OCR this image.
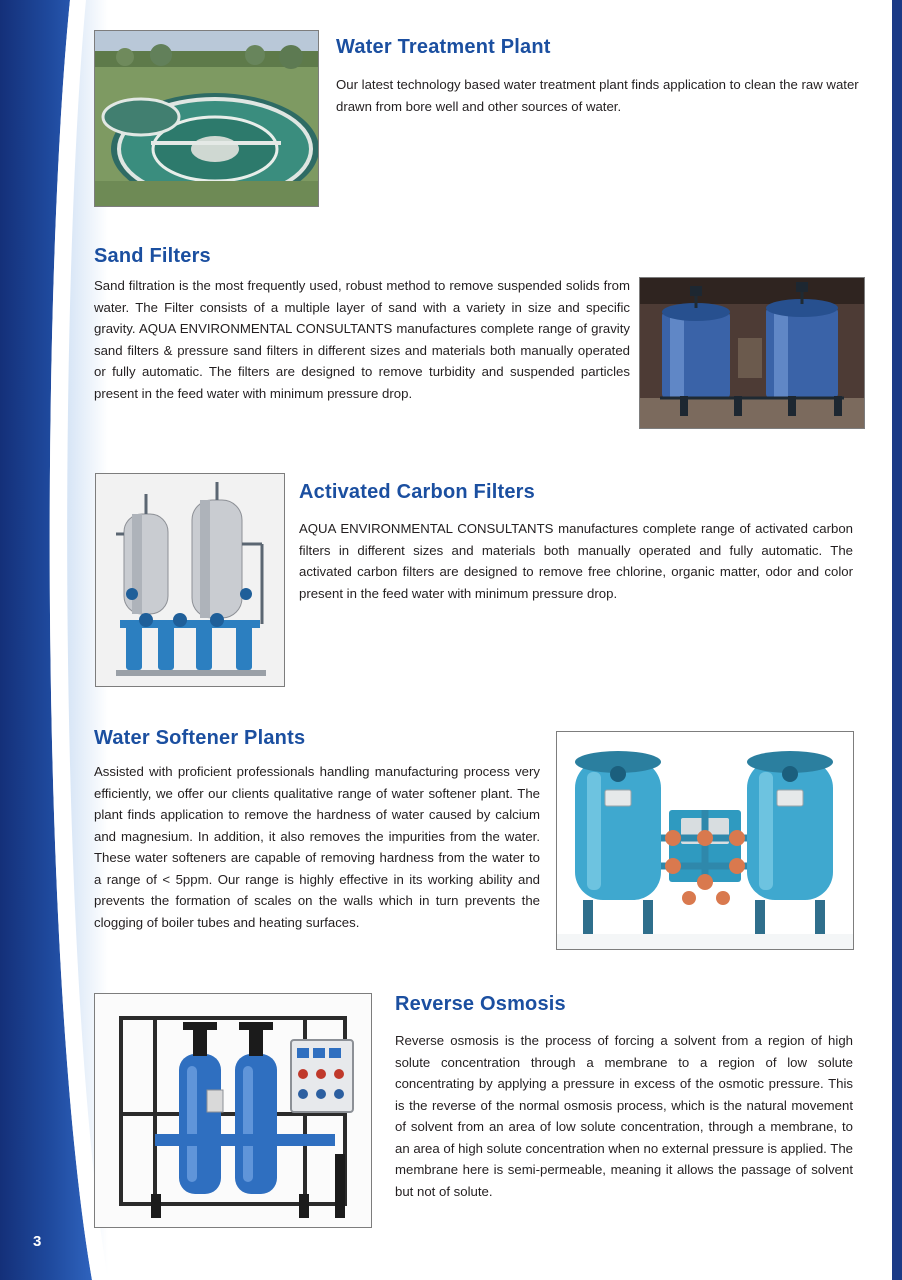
3
Water Treatment Plant

Our latest technology based water treatment plant finds application to clean the raw water drawn from bore well and other sources of water.

Sand Filters

Sand filtration is the most frequently used, robust method to remove suspended solids from water. The Filter consists of a multiple layer of sand with a variety in size and specific gravity. AQUA ENVIRONMENTAL CONSULTANTS manufactures complete range of gravity sand filters & pressure sand filters in different sizes and materials both manually operated or fully automatic. The filters are designed to remove turbidity and suspended particles present in the feed water with minimum pressure drop.

Activated Carbon Filters

AQUA ENVIRONMENTAL CONSULTANTS manufactures complete range of activated carbon filters in different sizes and materials both manually operated and fully automatic. The activated carbon filters are designed to remove free chlorine, organic matter, odor and color present in the feed water with minimum pressure drop.

Water Softener Plants

Assisted with proficient professionals handling manufacturing process very efficiently, we offer our clients qualitative range of water softener plant. The plant finds application to remove the hardness of water caused by calcium and magnesium. In addition, it also removes the impurities from the water. These water softeners are capable of removing hardness from the water to a range of < 5ppm. Our range is highly effective in its working ability and prevents the formation of scales on the walls which in turn prevents the clogging of boiler tubes and heating surfaces.

Reverse Osmosis

Reverse osmosis is the process of forcing a solvent from a region of high solute concentration through a membrane to a region of low solute concentrating by applying a pressure in excess of the osmotic pressure. This is the reverse of the normal osmosis process, which is the natural movement of solvent from an area of low solute concentration, through a membrane, to an area of high solute concentration when no external pressure is applied. The membrane here is semi-permeable, meaning it allows the passage of solvent but not of solute.
